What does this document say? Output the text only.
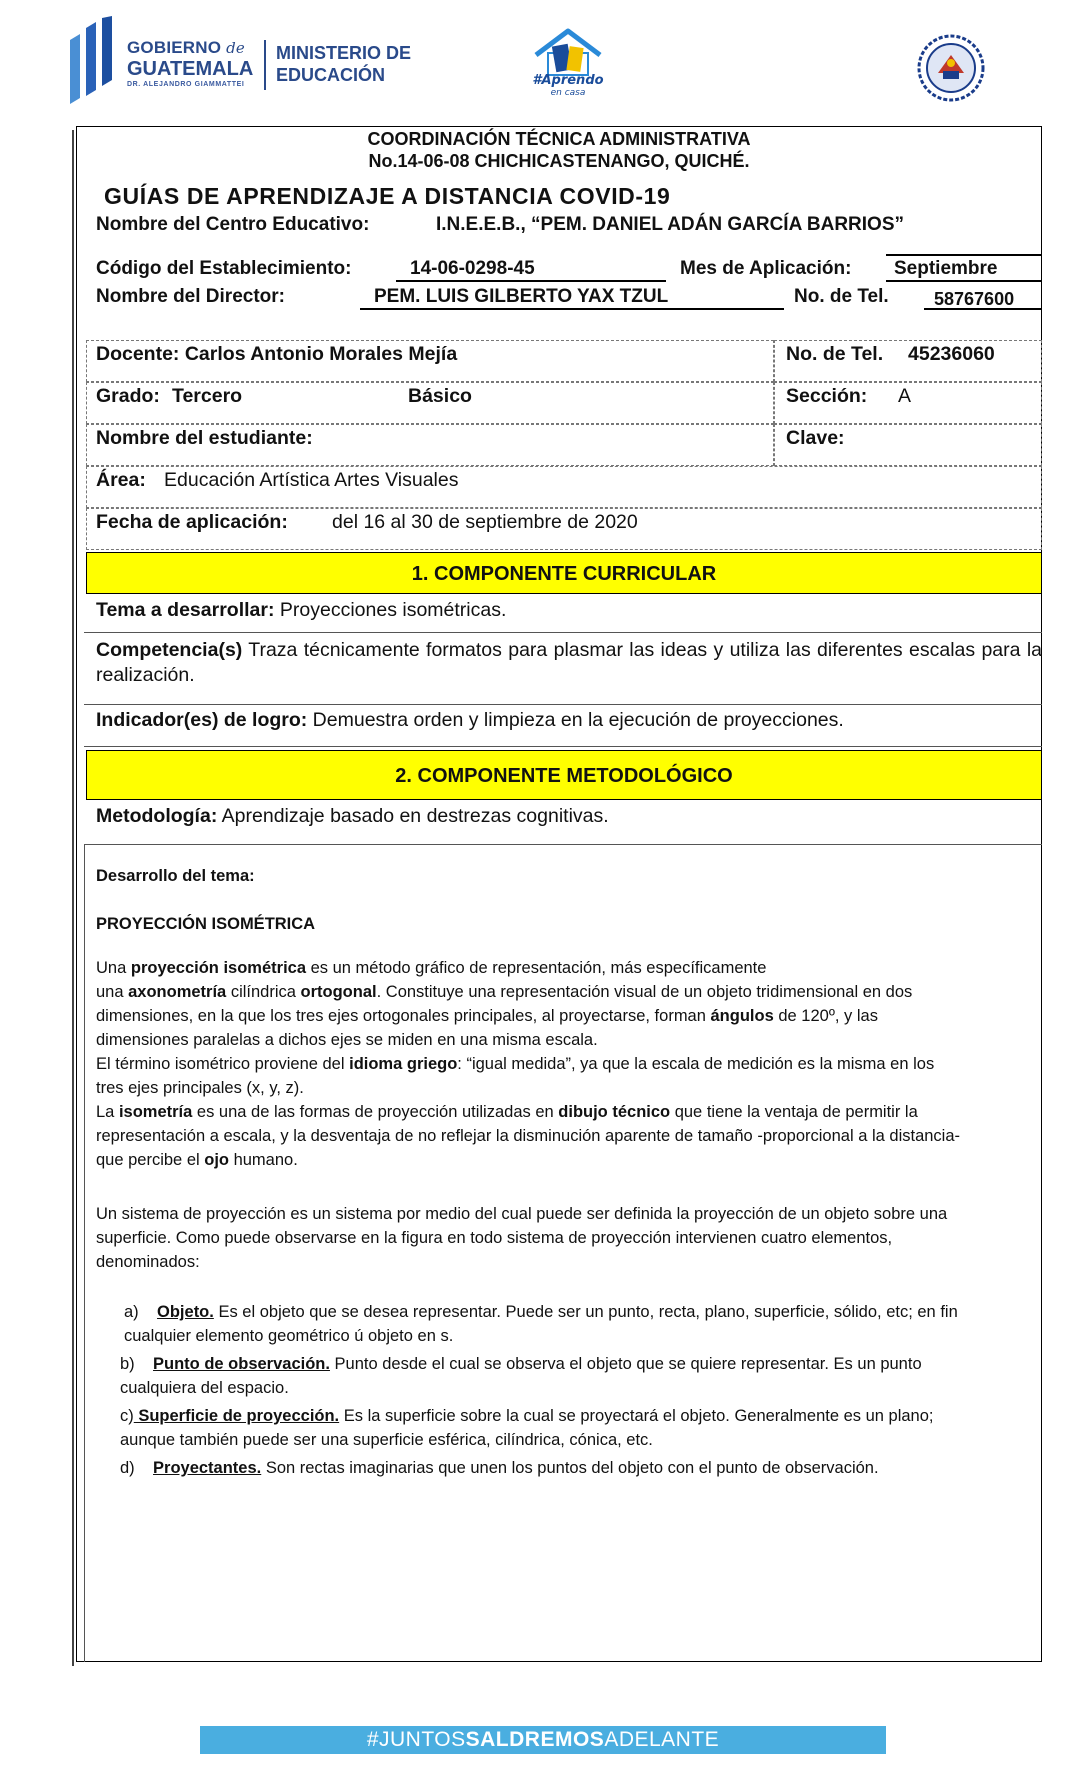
GOBIERNO de
GUATEMALA
DR. ALEJANDRO GIAMMATTEI
MINISTERIO DE
EDUCACIÓN	#Aprendo
en casa
COORDINACIÓN TÉCNICA ADMINISTRATIVA
No.14-06-08 CHICHICASTENANGO, QUICHÉ.
GUÍAS DE APRENDIZAJE A DISTANCIA COVID-19
Nombre del Centro Educativo:	I.N.E.E.B., “PEM. DANIEL ADÁN GARCÍA BARRIOS”
Código del Establecimiento:	14-06-0298-45	Mes de Aplicación: Septiembre
Nombre del Director:	PEM. LUIS GILBERTO YAX TZUL	No. de Tel.	58767600
Docente: Carlos Antonio Morales Mejía	No. de Tel. 45236060
Grado: Tercero	Básico	Sección: A
Nombre del estudiante:	Clave:
Área: Educación Artística Artes Visuales
Fecha de aplicación: del 16 al 30 de septiembre de 2020
1. COMPONENTE CURRICULAR
Tema a desarrollar: Proyecciones isométricas.
Competencia(s) Traza técnicamente formatos para plasmar las ideas y utiliza las diferentes escalas para la realización.
Indicador(es) de logro: Demuestra orden y limpieza en la ejecución de proyecciones.
2. COMPONENTE METODOLÓGICO
Metodología: Aprendizaje basado en destrezas cognitivas.
Desarrollo del tema:
PROYECCIÓN ISOMÉTRICA
Una proyección isométrica es un método gráfico de representación, más específicamente
una axonometría cilíndrica ortogonal. Constituye una representación visual de un objeto tridimensional en dos
dimensiones, en la que los tres ejes ortogonales principales, al proyectarse, forman ángulos de 120º, y las
dimensiones paralelas a dichos ejes se miden en una misma escala.
El término isométrico proviene del idioma griego: “igual medida”, ya que la escala de medición es la misma en los
tres ejes principales (x, y, z).
La isometría es una de las formas de proyección utilizadas en dibujo técnico que tiene la ventaja de permitir la
representación a escala, y la desventaja de no reflejar la disminución aparente de tamaño -proporcional a la distancia-
que percibe el ojo humano.
Un sistema de proyección es un sistema por medio del cual puede ser definida la proyección de un objeto sobre una
superficie. Como puede observarse en la figura en todo sistema de proyección intervienen cuatro elementos,
denominados:
a) Objeto. Es el objeto que se desea representar. Puede ser un punto, recta, plano, superficie, sólido, etc; en fin
cualquier elemento geométrico ú objeto en s.
b) Punto de observación. Punto desde el cual se observa el objeto que se quiere representar. Es un punto
cualquiera del espacio.
c) Superficie de proyección. Es la superficie sobre la cual se proyectará el objeto. Generalmente es un plano;
aunque también puede ser una superficie esférica, cilíndrica, cónica, etc.
d) Proyectantes. Son rectas imaginarias que unen los puntos del objeto con el punto de observación.
#JUNTOSSALDREMOSADELANTE
